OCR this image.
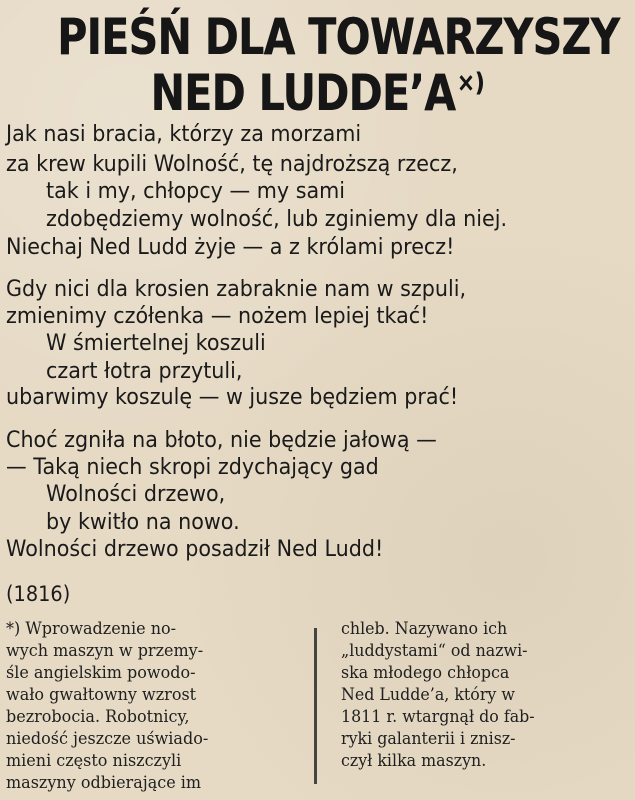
PIEŚŃ DLA TOWARZYSZY
NED LUDDE’A×)
Jak nasi bracia, którzy za morzami
za krew kupili Wolność, tę najdroższą rzecz,
tak i my, chłopcy — my sami
zdobędziemy wolność, lub zginiemy dla niej.
Niechaj Ned Ludd żyje — a z królami precz!
Gdy nici dla krosien zabraknie nam w szpuli,
zmienimy czółenka — nożem lepiej tkać!
W śmiertelnej koszuli
czart łotra przytuli,
ubarwimy koszulę — w jusze będziem prać!
Choć zgniła na błoto, nie będzie jałową —
— Taką niech skropi zdychający gad
Wolności drzewo,
by kwitło na nowo.
Wolności drzewo posadził Ned Ludd!
(1816)
*) Wprowadzenie no-
wych maszyn w przemy-
śle angielskim powodo-
wało gwałtowny wzrost
bezrobocia. Robotnicy,
niedość jeszcze uświado-
mieni często niszczyli
maszyny odbierające im
chleb. Nazywano ich
„luddystami“ od nazwi-
ska młodego chłopca
Ned Ludde’a, który w
1811 r. wtargnął do fab-
ryki galanterii i znisz-
czył kilka maszyn.
